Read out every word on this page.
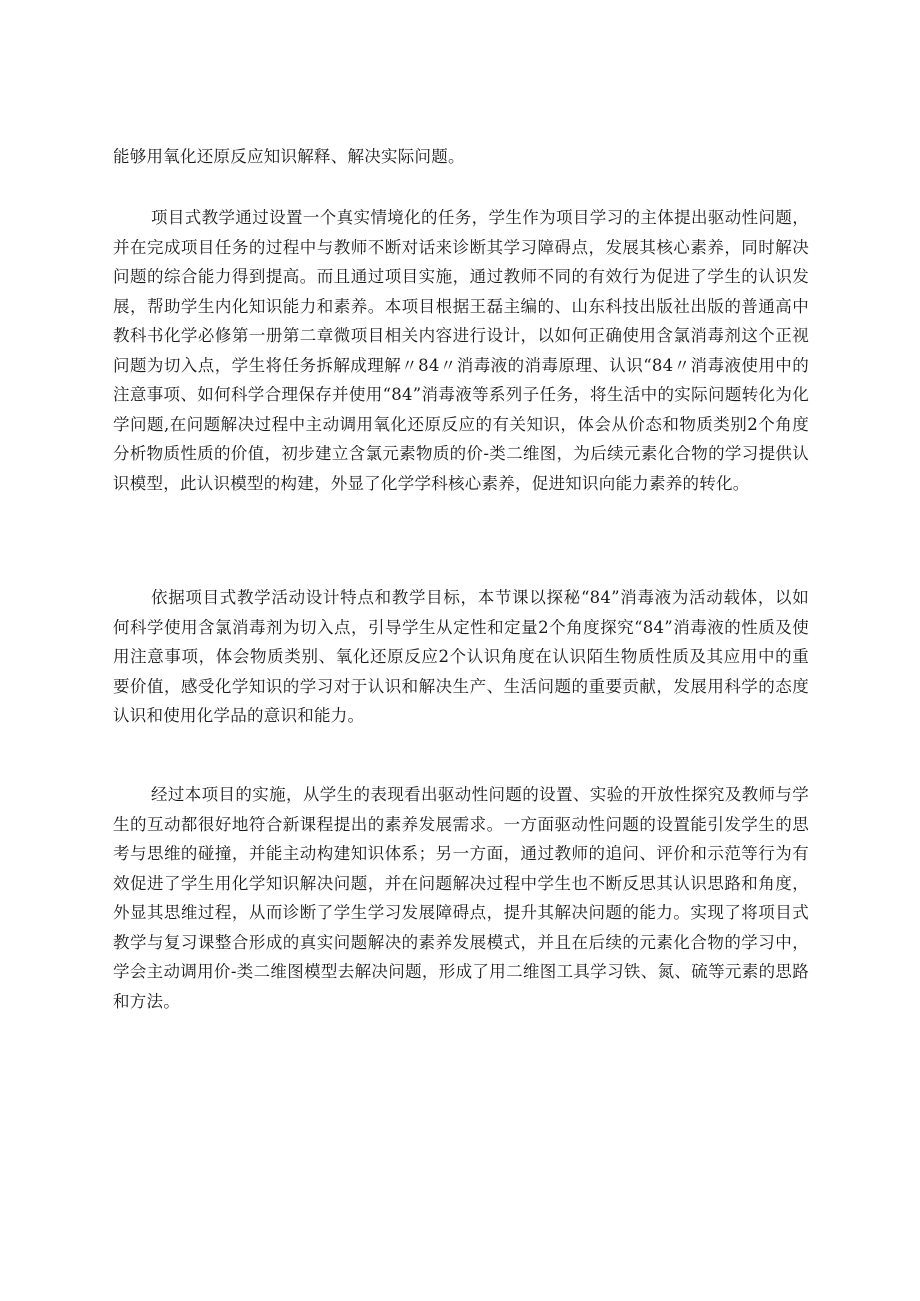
能够用氧化还原反应知识解释、解决实际问题。

项目式教学通过设置一个真实情境化的任务，学生作为项目学习的主体提出驱动性问题，并在完成项目任务的过程中与教师不断对话来诊断其学习障碍点，发展其核心素养，同时解决问题的综合能力得到提高。而且通过项目实施，通过教师不同的有效行为促进了学生的认识发展，帮助学生内化知识能力和素养。本项目根据王磊主编的、山东科技出版社出版的普通高中教科书化学必修第一册第二章微项目相关内容进行设计，以如何正确使用含氯消毒剂这个正视问题为切入点，学生将任务拆解成理解〃84〃消毒液的消毒原理、认识“84〃消毒液使用中的注意事项、如何科学合理保存并使用“84”消毒液等系列子任务，将生活中的实际问题转化为化学问题,在问题解决过程中主动调用氧化还原反应的有关知识，体会从价态和物质类别2个角度分析物质性质的价值，初步建立含氯元素物质的价-类二维图，为后续元素化合物的学习提供认识模型，此认识模型的构建，外显了化学学科核心素养，促进知识向能力素养的转化。

依据项目式教学活动设计特点和教学目标，本节课以探秘“84”消毒液为活动载体，以如何科学使用含氯消毒剂为切入点，引导学生从定性和定量2个角度探究“84”消毒液的性质及使用注意事项，体会物质类别、氧化还原反应2个认识角度在认识陌生物质性质及其应用中的重要价值，感受化学知识的学习对于认识和解决生产、生活问题的重要贡献，发展用科学的态度认识和使用化学品的意识和能力。

经过本项目的实施，从学生的表现看出驱动性问题的设置、实验的开放性探究及教师与学生的互动都很好地符合新课程提出的素养发展需求。一方面驱动性问题的设置能引发学生的思考与思维的碰撞，并能主动构建知识体系；另一方面，通过教师的追问、评价和示范等行为有效促进了学生用化学知识解决问题，并在问题解决过程中学生也不断反思其认识思路和角度，外显其思维过程，从而诊断了学生学习发展障碍点，提升其解决问题的能力。实现了将项目式教学与复习课整合形成的真实问题解决的素养发展模式，并且在后续的元素化合物的学习中，学会主动调用价-类二维图模型去解决问题，形成了用二维图工具学习铁、氮、硫等元素的思路和方法。
